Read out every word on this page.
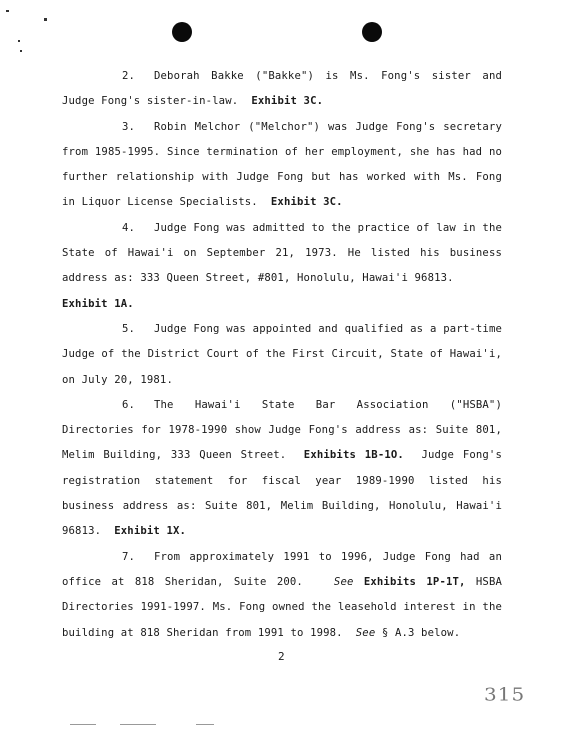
2. Deborah Bakke ("Bakke") is Ms. Fong's sister and Judge Fong's sister-in-law. Exhibit 3C.

3. Robin Melchor ("Melchor") was Judge Fong's secretary from 1985-1995. Since termination of her employment, she has had no further relationship with Judge Fong but has worked with Ms. Fong in Liquor License Specialists. Exhibit 3C.

4. Judge Fong was admitted to the practice of law in the State of Hawai'i on September 21, 1973. He listed his business address as: 333 Queen Street, #801, Honolulu, Hawai'i 96813.
Exhibit 1A.

5. Judge Fong was appointed and qualified as a part-time Judge of the District Court of the First Circuit, State of Hawai'i, on July 20, 1981.

6. The Hawai'i State Bar Association ("HSBA") Directories for 1978-1990 show Judge Fong's address as: Suite 801, Melim Building, 333 Queen Street. Exhibits 1B-1O. Judge Fong's registration statement for fiscal year 1989-1990 listed his business address as: Suite 801, Melim Building, Honolulu, Hawai'i 96813. Exhibit 1X.

7. From approximately 1991 to 1996, Judge Fong had an office at 818 Sheridan, Suite 200.	See Exhibits 1P-1T, HSBA Directories 1991-1997. Ms. Fong owned the leasehold interest in the building at 818 Sheridan from 1991 to 1998. See § A.3 below.

2
315
